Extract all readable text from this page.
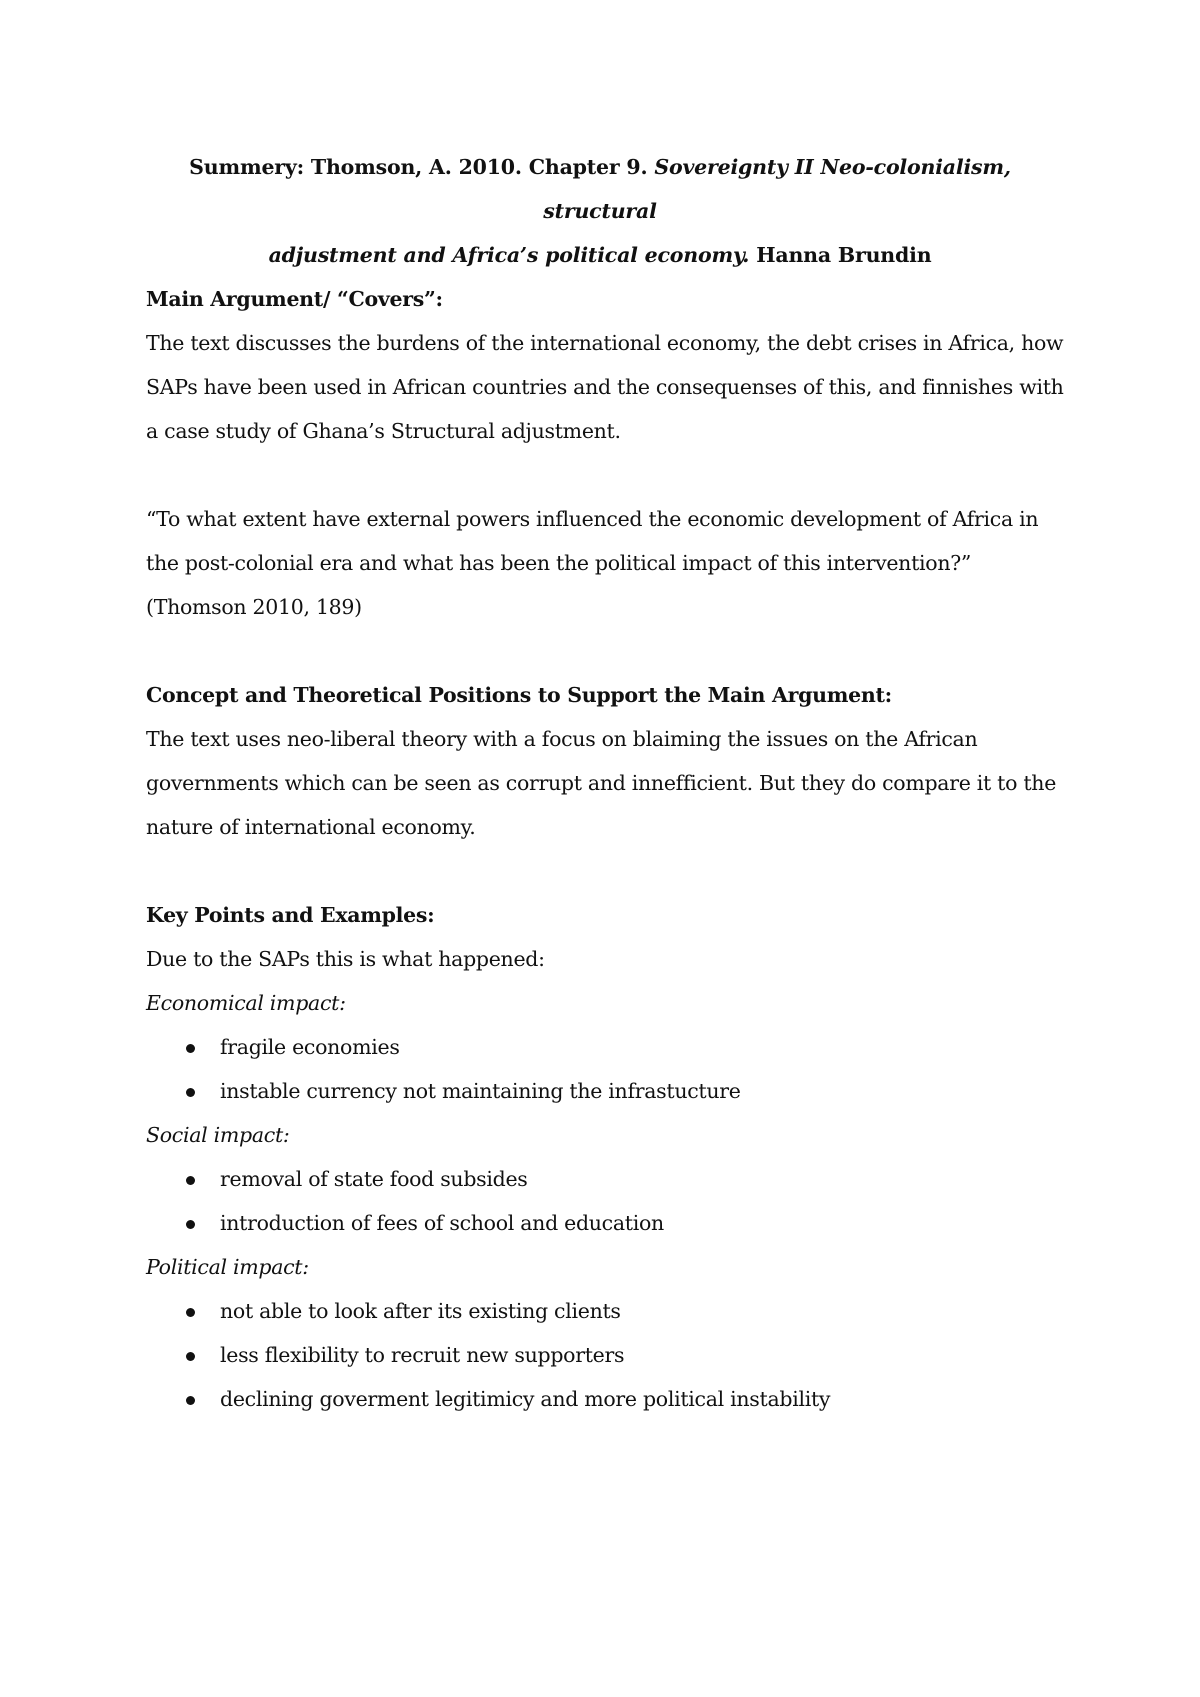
Summery: Thomson, A. 2010. Chapter 9. Sovereignty II Neo-colonialism, structural
adjustment and Africa’s political economy. Hanna Brundin

Main Argument/ “Covers”:

The text discusses the burdens of the international economy, the debt crises in Africa, how SAPs have been used in African countries and the consequenses of this, and finnishes with a case study of Ghana’s Structural adjustment.

“To what extent have external powers influenced the economic development of Africa in the post-colonial era and what has been the political impact of this intervention?” (Thomson 2010, 189)

Concept and Theoretical Positions to Support the Main Argument:

The text uses neo-liberal theory with a focus on blaiming the issues on the African governments which can be seen as corrupt and innefficient. But they do compare it to the nature of international economy.

Key Points and Examples:

Due to the SAPs this is what happened:

Economical impact:

fragile economies
instable currency not maintaining the infrastucture

Social impact:

removal of state food subsides
introduction of fees of school and education

Political impact:

not able to look after its existing clients
less flexibility to recruit new supporters
declining goverment legitimicy and more political instability
